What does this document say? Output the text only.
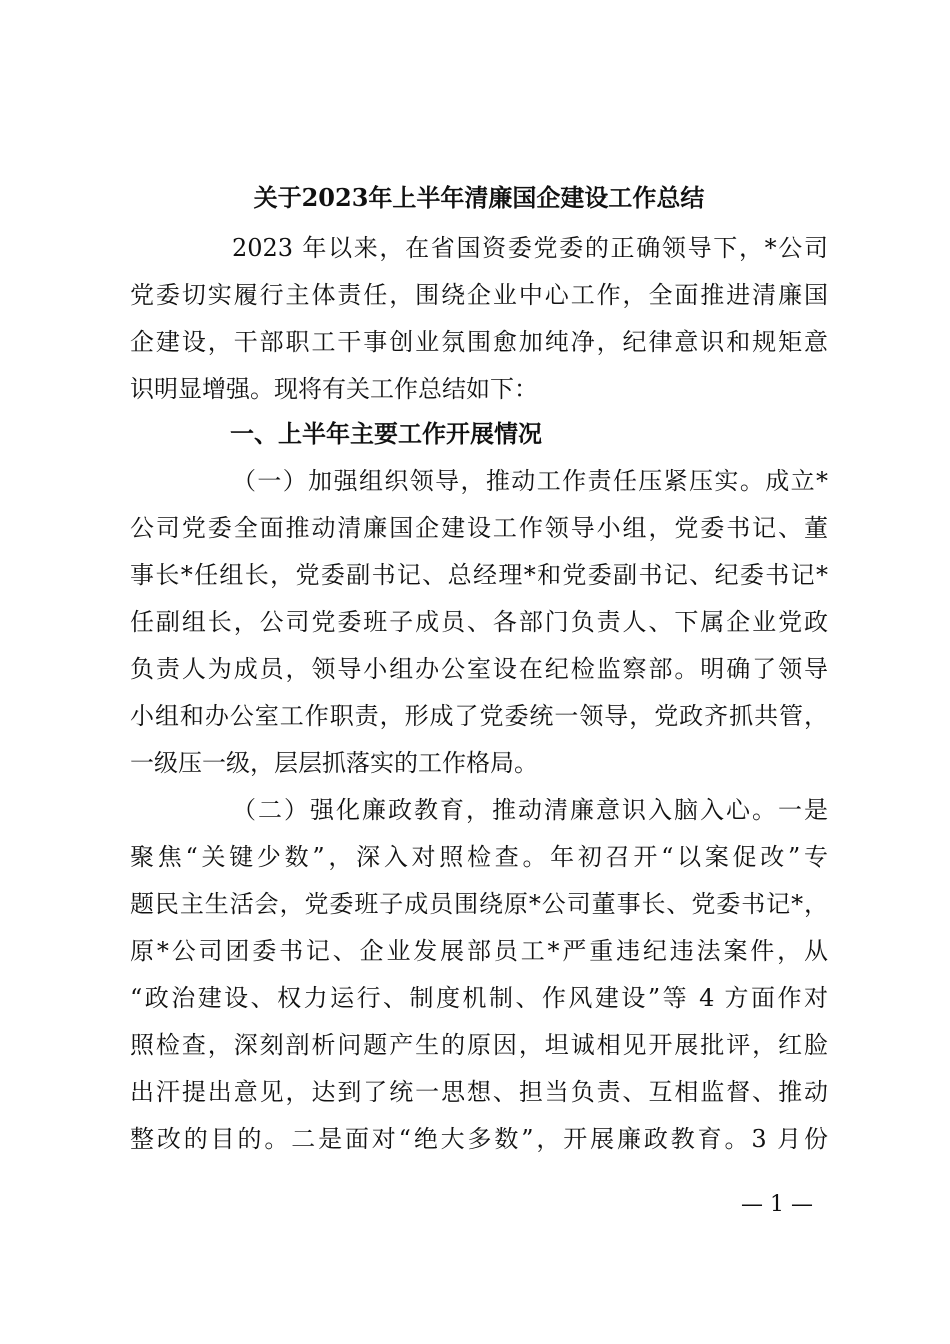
关于2023年上半年清廉国企建设工作总结
2023 年以来，在省国资委党委的正确领导下，*公司
党委切实履行主体责任，围绕企业中心工作，全面推进清廉国
企建设，干部职工干事创业氛围愈加纯净，纪律意识和规矩意
识明显增强。现将有关工作总结如下：
一、上半年主要工作开展情况
（一）加强组织领导，推动工作责任压紧压实。成立*
公司党委全面推动清廉国企建设工作领导小组，党委书记、董
事长*任组长，党委副书记、总经理*和党委副书记、纪委书记*
任副组长，公司党委班子成员、各部门负责人、下属企业党政
负责人为成员，领导小组办公室设在纪检监察部。明确了领导
小组和办公室工作职责，形成了党委统一领导，党政齐抓共管，
一级压一级，层层抓落实的工作格局。
（二）强化廉政教育，推动清廉意识入脑入心。一是
聚焦“关键少数”，深入对照检查。年初召开“以案促改”专
题民主生活会，党委班子成员围绕原*公司董事长、党委书记*，
原*公司团委书记、企业发展部员工*严重违纪违法案件，从
“政治建设、权力运行、制度机制、作风建设”等 4 方面作对
照检查，深刻剖析问题产生的原因，坦诚相见开展批评，红脸
出汗提出意见，达到了统一思想、担当负责、互相监督、推动
整改的目的。二是面对“绝大多数”，开展廉政教育。3 月份
— 1 —
